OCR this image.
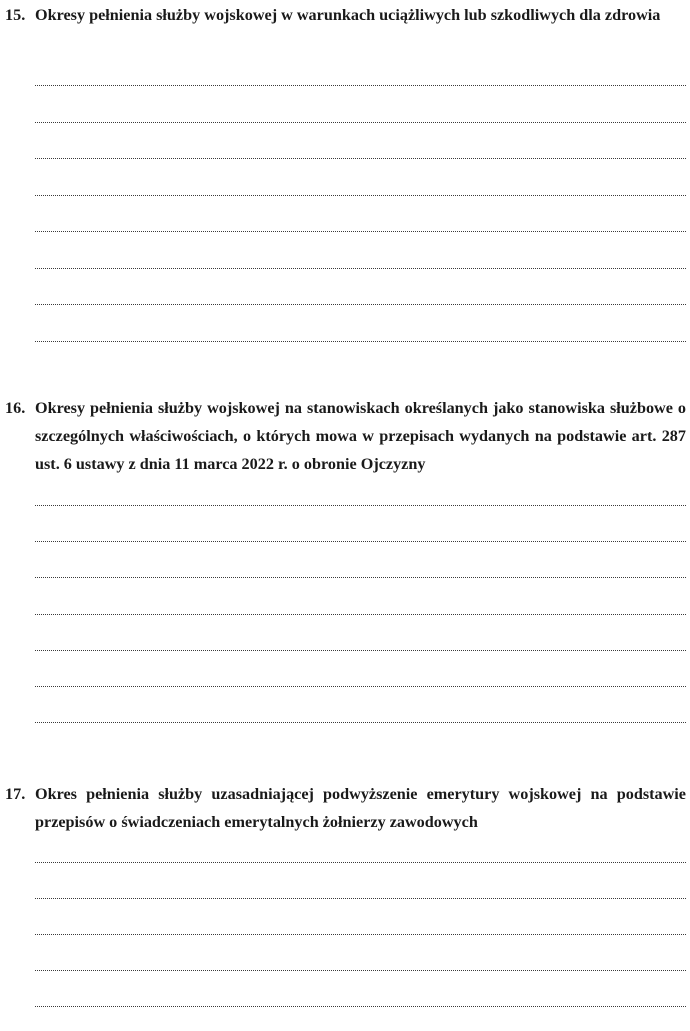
15. Okresy pełnienia służby wojskowej w warunkach uciążliwych lub szkodliwych dla zdrowia

16. Okresy pełnienia służby wojskowej na stanowiskach określanych jako stanowiska służbowe o szczególnych właściwościach, o których mowa w przepisach wydanych na podstawie art. 287 ust. 6 ustawy z dnia 11 marca 2022 r. o obronie Ojczyzny

17. Okres pełnienia służby uzasadniającej podwyższenie emerytury wojskowej na podstawie przepisów o świadczeniach emerytalnych żołnierzy zawodowych
